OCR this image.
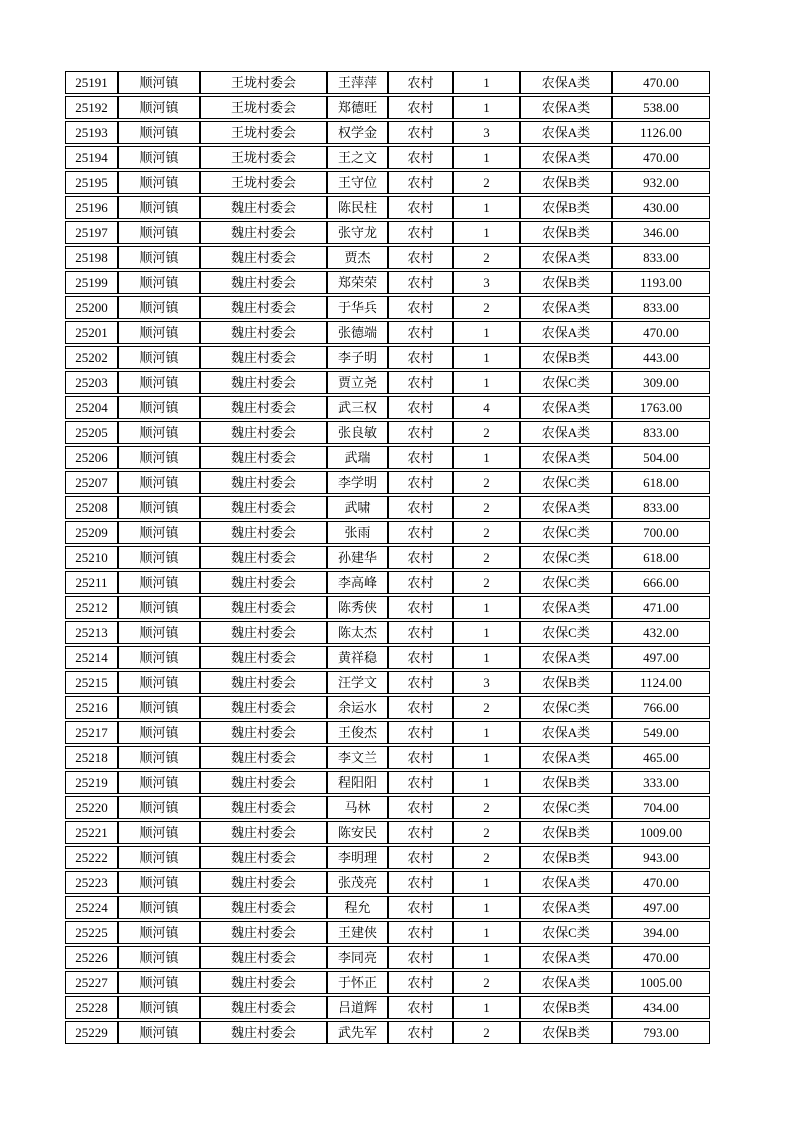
25191	顺河镇	王垅村委会	王萍萍	农村	1	农保A类	470.00
25192	顺河镇	王垅村委会	郑德旺	农村	1	农保A类	538.00
25193	顺河镇	王垅村委会	权学金	农村	3	农保A类	1126.00
25194	顺河镇	王垅村委会	王之文	农村	1	农保A类	470.00
25195	顺河镇	王垅村委会	王守位	农村	2	农保B类	932.00
25196	顺河镇	魏庄村委会	陈民柱	农村	1	农保B类	430.00
25197	顺河镇	魏庄村委会	张守龙	农村	1	农保B类	346.00
25198	顺河镇	魏庄村委会	贾杰	农村	2	农保A类	833.00
25199	顺河镇	魏庄村委会	郑荣荣	农村	3	农保B类	1193.00
25200	顺河镇	魏庄村委会	于华兵	农村	2	农保A类	833.00
25201	顺河镇	魏庄村委会	张德端	农村	1	农保A类	470.00
25202	顺河镇	魏庄村委会	李子明	农村	1	农保B类	443.00
25203	顺河镇	魏庄村委会	贾立尧	农村	1	农保C类	309.00
25204	顺河镇	魏庄村委会	武三权	农村	4	农保A类	1763.00
25205	顺河镇	魏庄村委会	张良敏	农村	2	农保A类	833.00
25206	顺河镇	魏庄村委会	武瑞	农村	1	农保A类	504.00
25207	顺河镇	魏庄村委会	李学明	农村	2	农保C类	618.00
25208	顺河镇	魏庄村委会	武啸	农村	2	农保A类	833.00
25209	顺河镇	魏庄村委会	张雨	农村	2	农保C类	700.00
25210	顺河镇	魏庄村委会	孙建华	农村	2	农保C类	618.00
25211	顺河镇	魏庄村委会	李高峰	农村	2	农保C类	666.00
25212	顺河镇	魏庄村委会	陈秀侠	农村	1	农保A类	471.00
25213	顺河镇	魏庄村委会	陈太杰	农村	1	农保C类	432.00
25214	顺河镇	魏庄村委会	黄祥稳	农村	1	农保A类	497.00
25215	顺河镇	魏庄村委会	汪学文	农村	3	农保B类	1124.00
25216	顺河镇	魏庄村委会	余运水	农村	2	农保C类	766.00
25217	顺河镇	魏庄村委会	王俊杰	农村	1	农保A类	549.00
25218	顺河镇	魏庄村委会	李文兰	农村	1	农保A类	465.00
25219	顺河镇	魏庄村委会	程阳阳	农村	1	农保B类	333.00
25220	顺河镇	魏庄村委会	马林	农村	2	农保C类	704.00
25221	顺河镇	魏庄村委会	陈安民	农村	2	农保B类	1009.00
25222	顺河镇	魏庄村委会	李明理	农村	2	农保B类	943.00
25223	顺河镇	魏庄村委会	张茂亮	农村	1	农保A类	470.00
25224	顺河镇	魏庄村委会	程允	农村	1	农保A类	497.00
25225	顺河镇	魏庄村委会	王建侠	农村	1	农保C类	394.00
25226	顺河镇	魏庄村委会	李同亮	农村	1	农保A类	470.00
25227	顺河镇	魏庄村委会	于怀正	农村	2	农保A类	1005.00
25228	顺河镇	魏庄村委会	吕道辉	农村	1	农保B类	434.00
25229	顺河镇	魏庄村委会	武先军	农村	2	农保B类	793.00
